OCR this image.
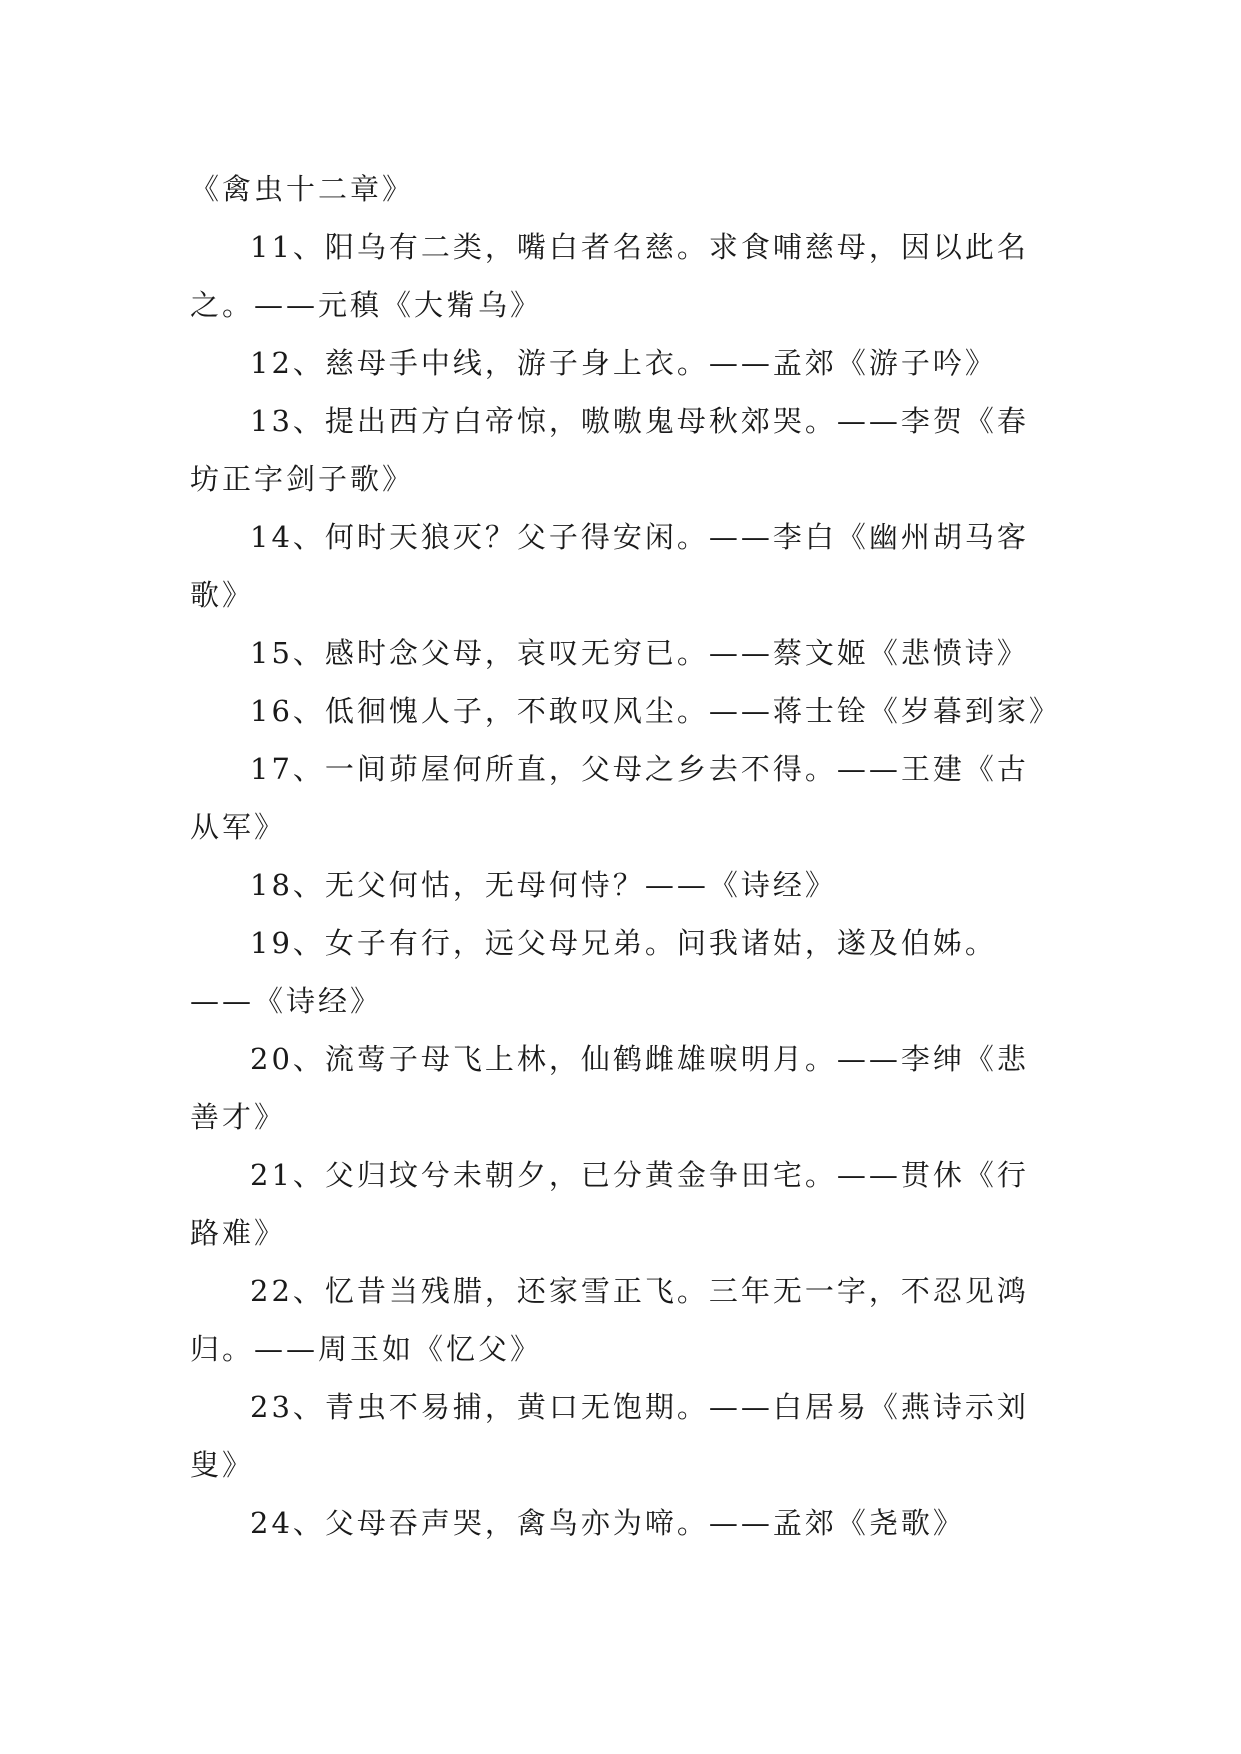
《禽虫十二章》

11、阳乌有二类，嘴白者名慈。求食哺慈母，因以此名之。——元稹《大觜乌》

12、慈母手中线，游子身上衣。——孟郊《游子吟》

13、提出西方白帝惊，嗷嗷鬼母秋郊哭。——李贺《春坊正字剑子歌》

14、何时天狼灭？父子得安闲。——李白《幽州胡马客歌》

15、感时念父母，哀叹无穷已。——蔡文姬《悲愤诗》

16、低徊愧人子，不敢叹风尘。——蒋士铨《岁暮到家》

17、一间茆屋何所直，父母之乡去不得。——王建《古从军》

18、无父何怙，无母何恃？——《诗经》

19、女子有行，远父母兄弟。问我诸姑，遂及伯姊。——《诗经》

20、流莺子母飞上林，仙鹤雌雄唳明月。——李绅《悲善才》

21、父归坟兮未朝夕，已分黄金争田宅。——贯休《行路难》

22、忆昔当残腊，还家雪正飞。三年无一字，不忍见鸿归。——周玉如《忆父》

23、青虫不易捕，黄口无饱期。——白居易《燕诗示刘叟》

24、父母吞声哭，禽鸟亦为啼。——孟郊《尧歌》
